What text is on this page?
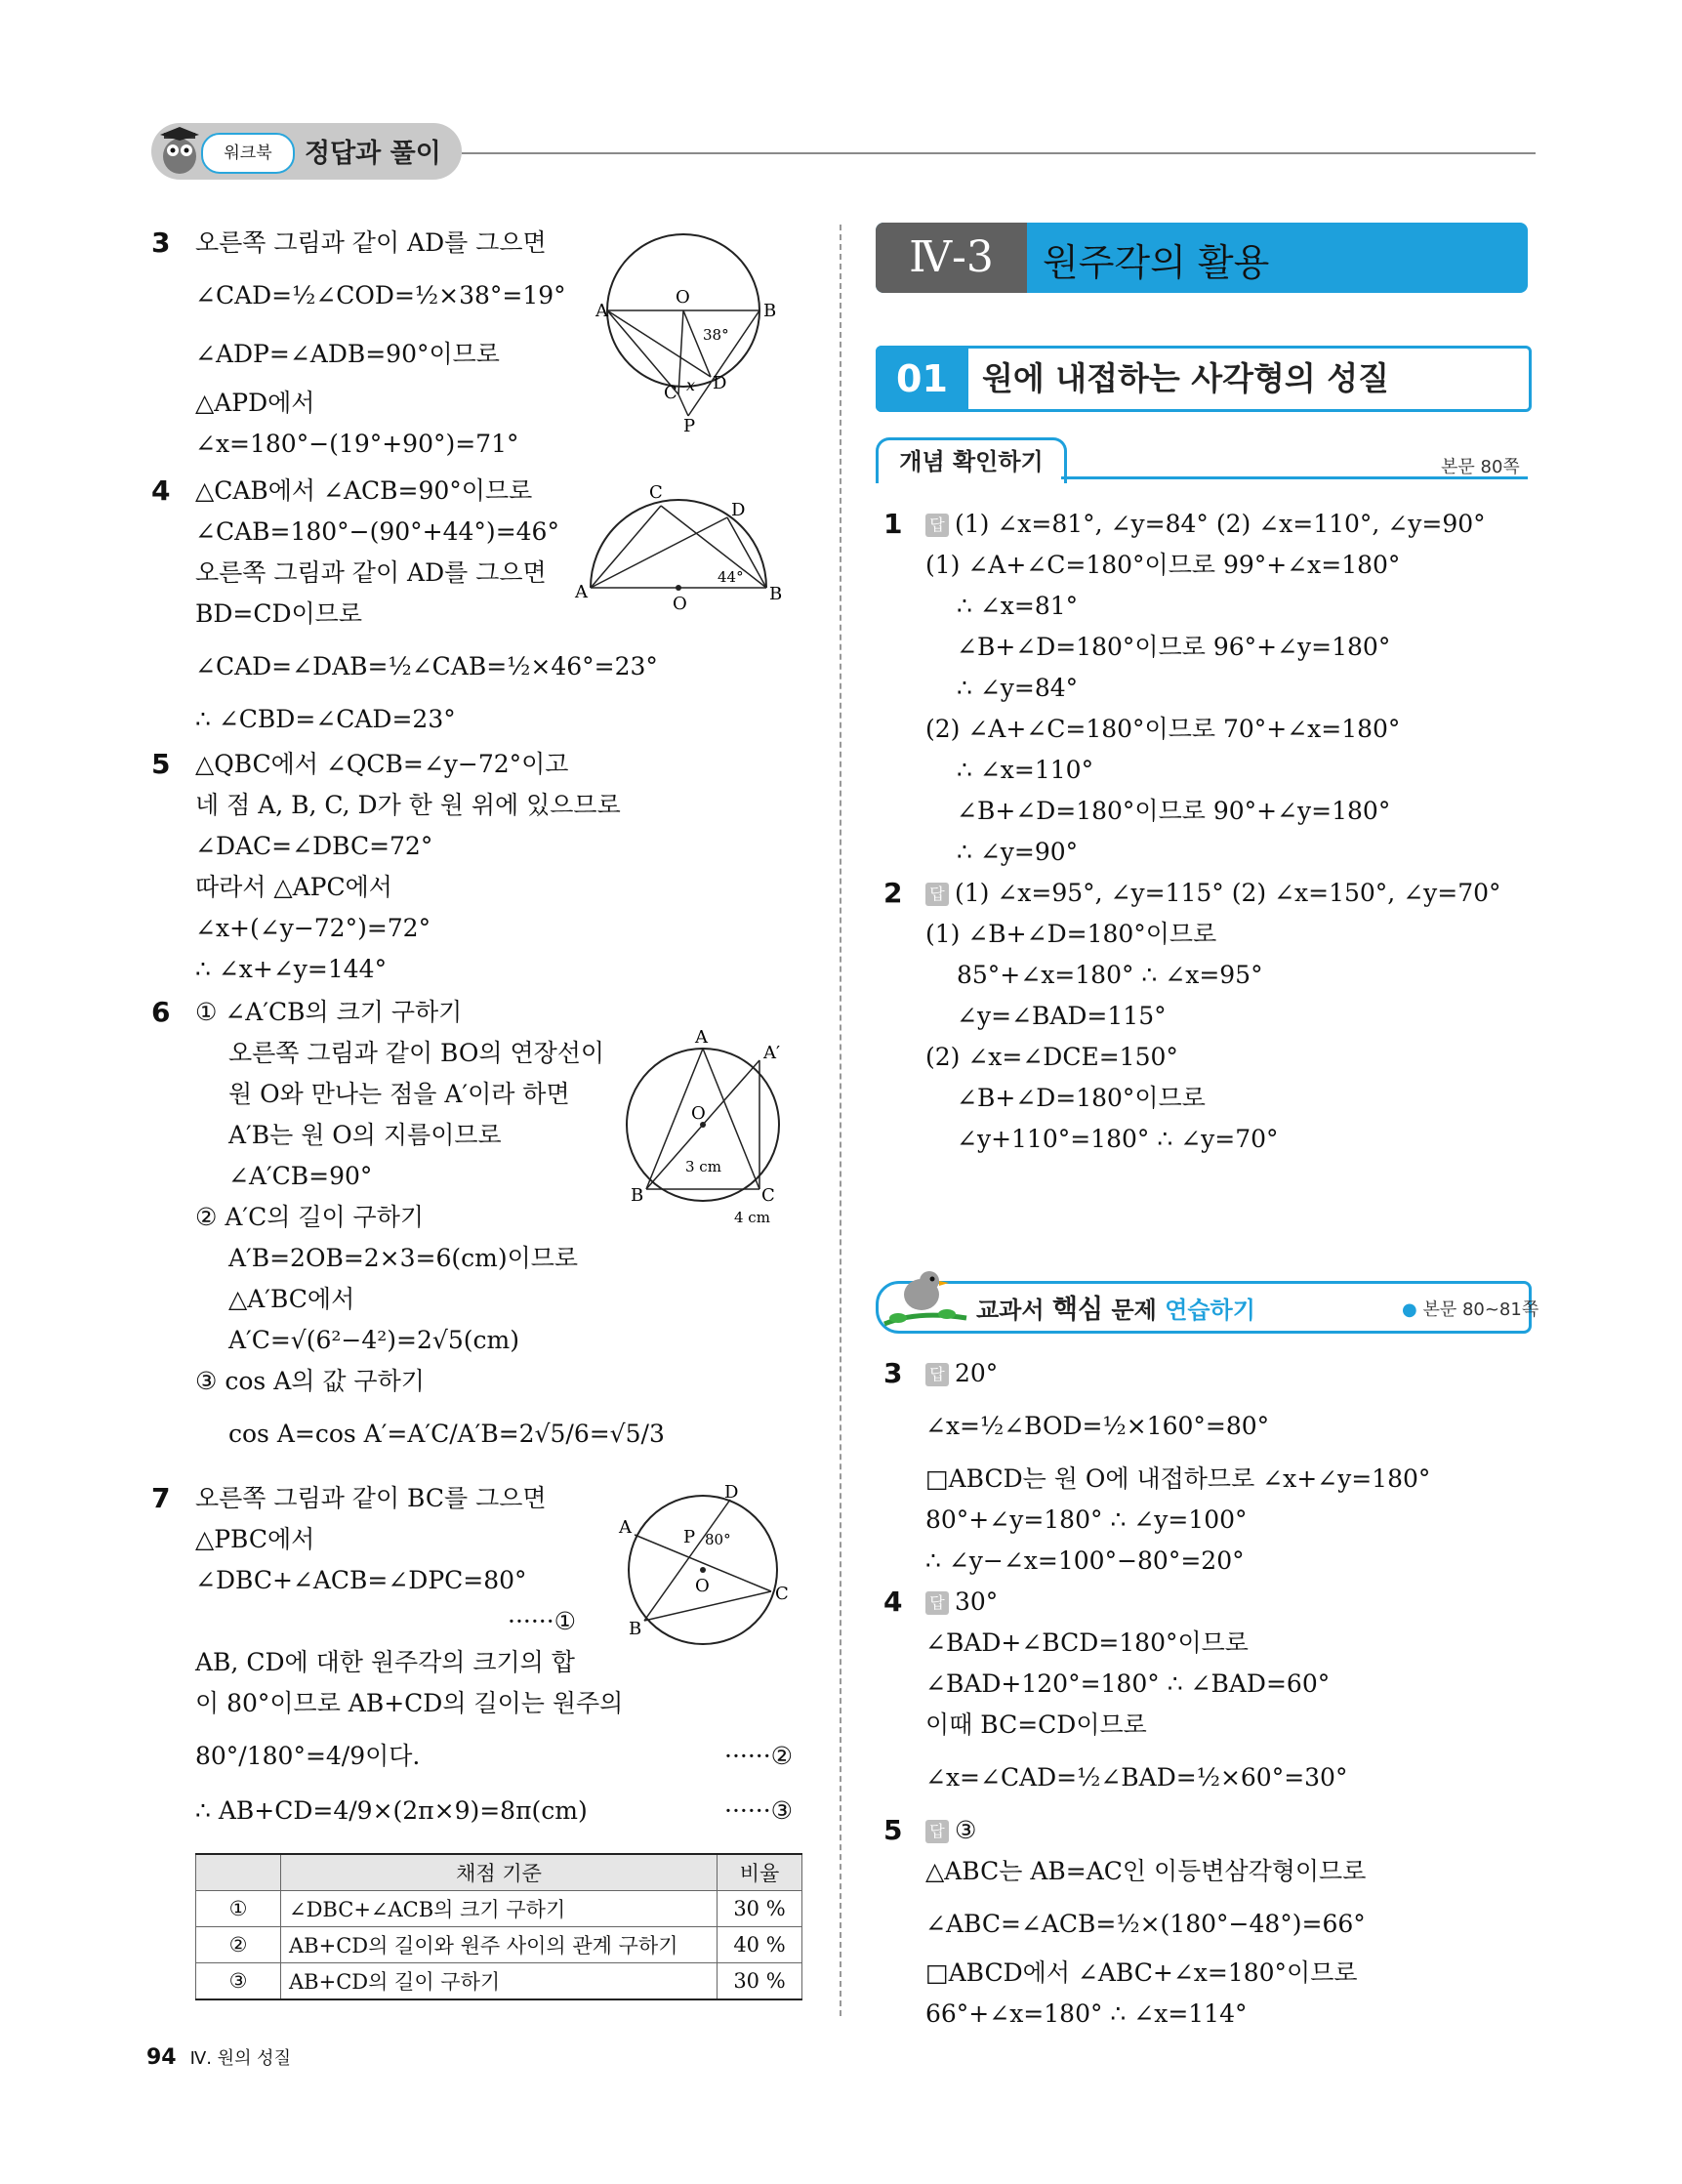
워크북	정답과 풀이
3 오른쪽 그림과 같이 AD를 그으면
∠CAD=½∠COD=½×38°=19°
∠ADP=∠ADB=90°이므로
△APD에서
∠x=180°−(19°+90°)=71°
A
O
B
38°
C x D
P
4 △CAB에서 ∠ACB=90°이므로
∠CAB=180°−(90°+44°)=46°
오른쪽 그림과 같이 AD를 그으면
BD=CD이므로
∠CAD=∠DAB=½∠CAB=½×46°=23°
∴ ∠CBD=∠CAD=23°
C
D
A
O
44°
B
5 △QBC에서 ∠QCB=∠y−72°이고
네 점 A, B, C, D가 한 원 위에 있으므로
∠DAC=∠DBC=72°
따라서 △APC에서
∠x+(∠y−72°)=72°
∴ ∠x+∠y=144°
6 ① ∠A′CB의 크기 구하기
오른쪽 그림과 같이 BO의 연장선이
원 O와 만나는 점을 A′이라 하면
A′B는 원 O의 지름이므로
∠A′CB=90°
② A′C의 길이 구하기
A′B=2OB=2×3=6(cm)이므로
△A′BC에서
A′C=√(6²−4²)=2√5(cm)
③ cos A의 값 구하기
cos A=cos A′=A′C/A′B=2√5/6=√5/3
A
A′
O
3 cm
B	C
4 cm
7 오른쪽 그림과 같이 BC를 그으면
△PBC에서
∠DBC+∠ACB=∠DPC=80°
······①
AB, CD에 대한 원주각의 크기의 합
이 80°이므로 AB+CD의 길이는 원주의
80°/180°=4/9이다.	······②
∴ AB+CD=4/9×(2π×9)=8π(cm)	······③
D
A	P 80°
O	C
B
	채점 기준	비율
①	∠DBC+∠ACB의 크기 구하기	30 %
②	AB+CD의 길이와 원주 사이의 관계 구하기	40 %
③	AB+CD의 길이 구하기	30 %
Ⅳ-3	원주각의 활용
01	원에 내접하는 사각형의 성질
개념 확인하기	본문 80쪽
1 답 (1) ∠x=81°, ∠y=84° (2) ∠x=110°, ∠y=90°
(1) ∠A+∠C=180°이므로 99°+∠x=180°
∴ ∠x=81°
∠B+∠D=180°이므로 96°+∠y=180°
∴ ∠y=84°
(2) ∠A+∠C=180°이므로 70°+∠x=180°
∴ ∠x=110°
∠B+∠D=180°이므로 90°+∠y=180°
∴ ∠y=90°
2 답 (1) ∠x=95°, ∠y=115° (2) ∠x=150°, ∠y=70°
(1) ∠B+∠D=180°이므로
85°+∠x=180° ∴ ∠x=95°
∠y=∠BAD=115°
(2) ∠x=∠DCE=150°
∠B+∠D=180°이므로
∠y+110°=180° ∴ ∠y=70°
교과서 핵심 문제 연습하기	● 본문 80~81쪽
3 답 20°
∠x=½∠BOD=½×160°=80°
□ABCD는 원 O에 내접하므로 ∠x+∠y=180°
80°+∠y=180° ∴ ∠y=100°
∴ ∠y−∠x=100°−80°=20°
4 답 30°
∠BAD+∠BCD=180°이므로
∠BAD+120°=180° ∴ ∠BAD=60°
이때 BC=CD이므로
∠x=∠CAD=½∠BAD=½×60°=30°
5 답 ③
△ABC는 AB=AC인 이등변삼각형이므로
∠ABC=∠ACB=½×(180°−48°)=66°
□ABCD에서 ∠ABC+∠x=180°이므로
66°+∠x=180° ∴ ∠x=114°
94 Ⅳ. 원의 성질
